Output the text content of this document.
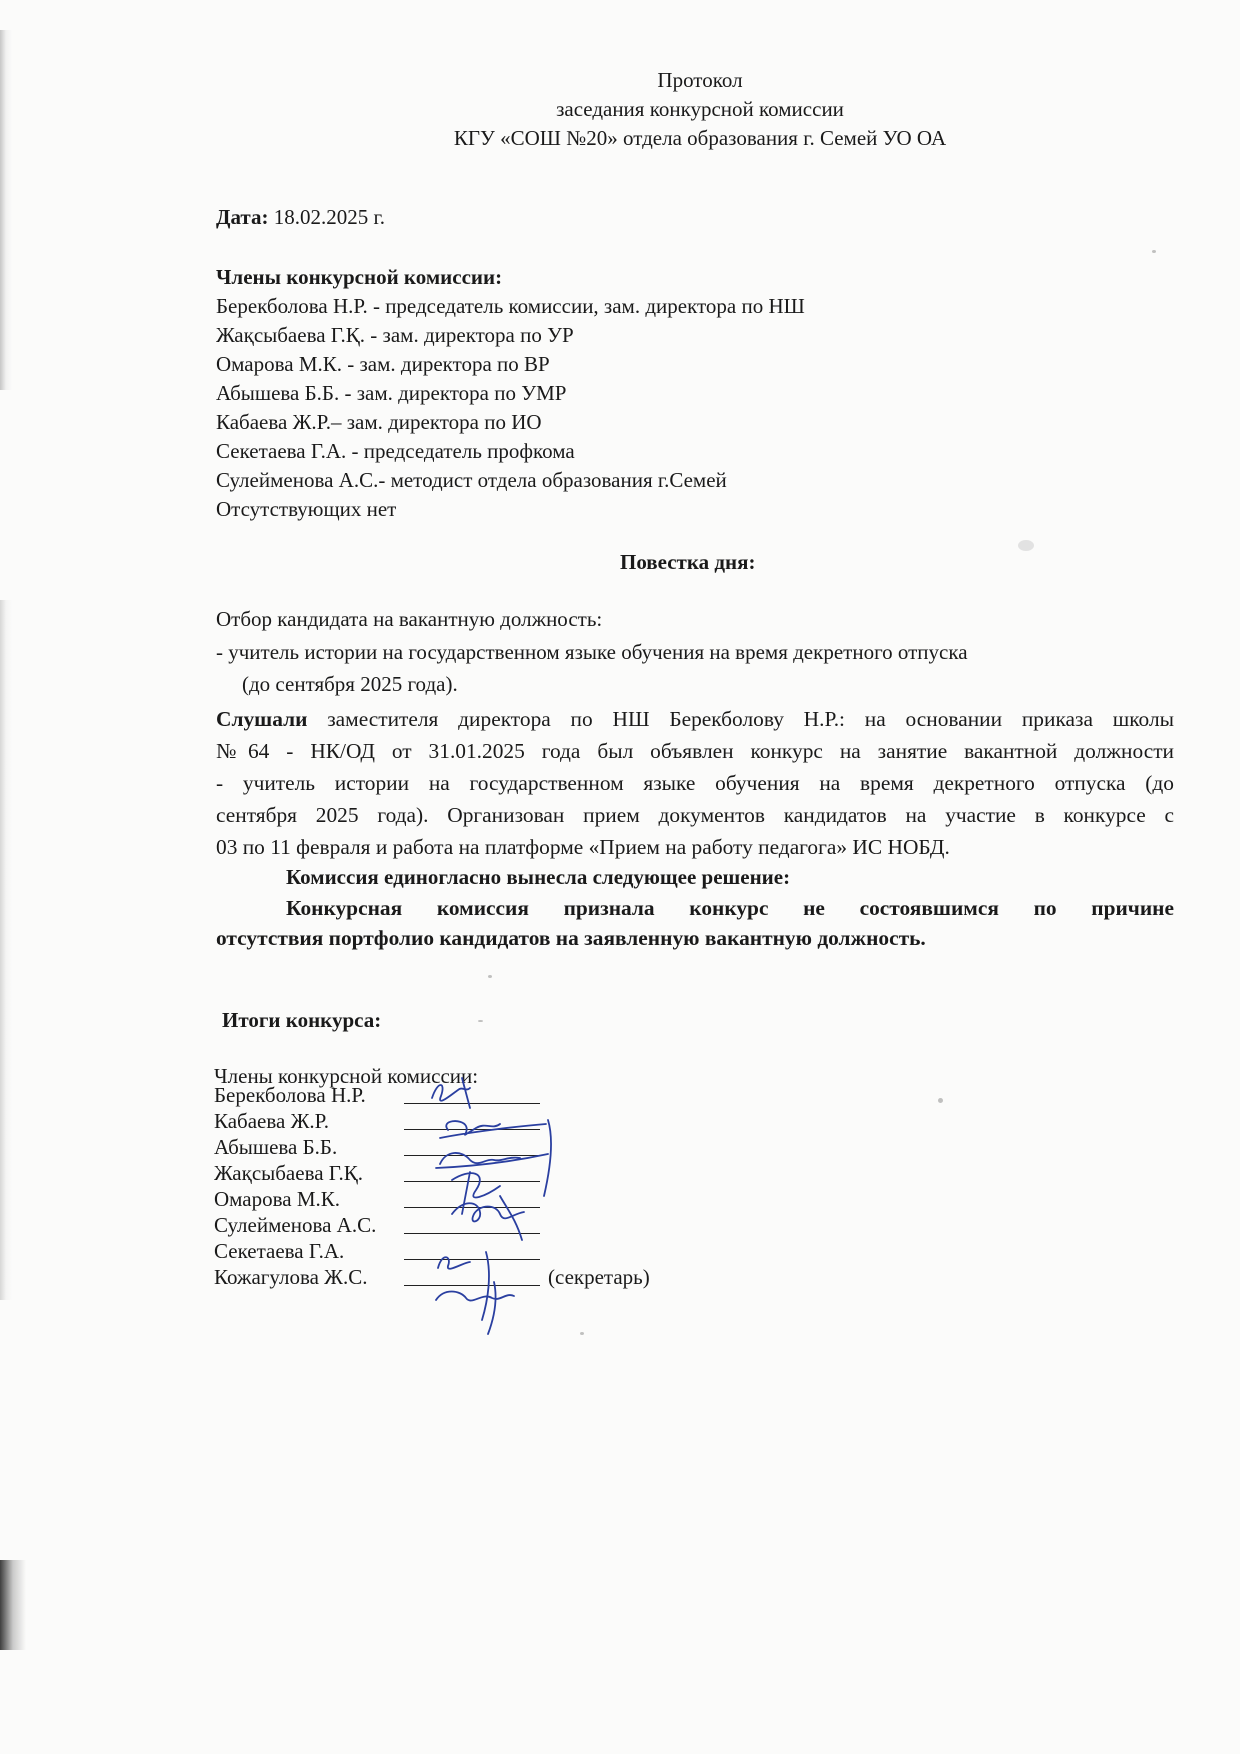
Протокол
заседания конкурсной комиссии
КГУ «СОШ №20» отдела образования г. Семей УО ОА
Дата: 18.02.2025 г.
Члены конкурсной комиссии:
Берекболова Н.Р. - председатель комиссии, зам. директора по НШ
Жақсыбаева Г.Қ. - зам. директора по УР
Омарова М.К. - зам. директора по ВР
Абышева Б.Б. - зам. директора по УМР
Кабаева Ж.Р.– зам. директора по ИО
Секетаева Г.А. - председатель профкома
Сулейменова А.С.- методист отдела образования г.Семей
Отсутствующих нет
Повестка дня:
Отбор кандидата на вакантную должность:
- учитель истории на государственном языке обучения на время декретного отпуска
(до сентября 2025 года).
Слушали заместителя директора по НШ Берекболову Н.Р.: на основании приказа школы
№64 - НК/ОД от 31.01.2025 года был объявлен конкурс на занятие вакантной должности
- учитель истории на государственном языке обучения на время декретного отпуска (до
сентября 2025 года). Организован прием документов кандидатов на участие в конкурсе с
03 по 11 февраля и работа на платформе «Прием на работу педагога» ИС НОБД.
Комиссия единогласно вынесла следующее решение:
Конкурсная комиссия признала конкурс не состоявшимся по причине
отсутствия портфолио кандидатов на заявленную вакантную должность.
Итоги конкурса:
Члены конкурсной комиссии:
Берекболова Н.Р.
Кабаева Ж.Р.
Абышева Б.Б.
Жақсыбаева Г.Қ.
Омарова М.К.
Сулейменова А.С.
Секетаева Г.А.
Кожагулова Ж.С.	(секретарь)
